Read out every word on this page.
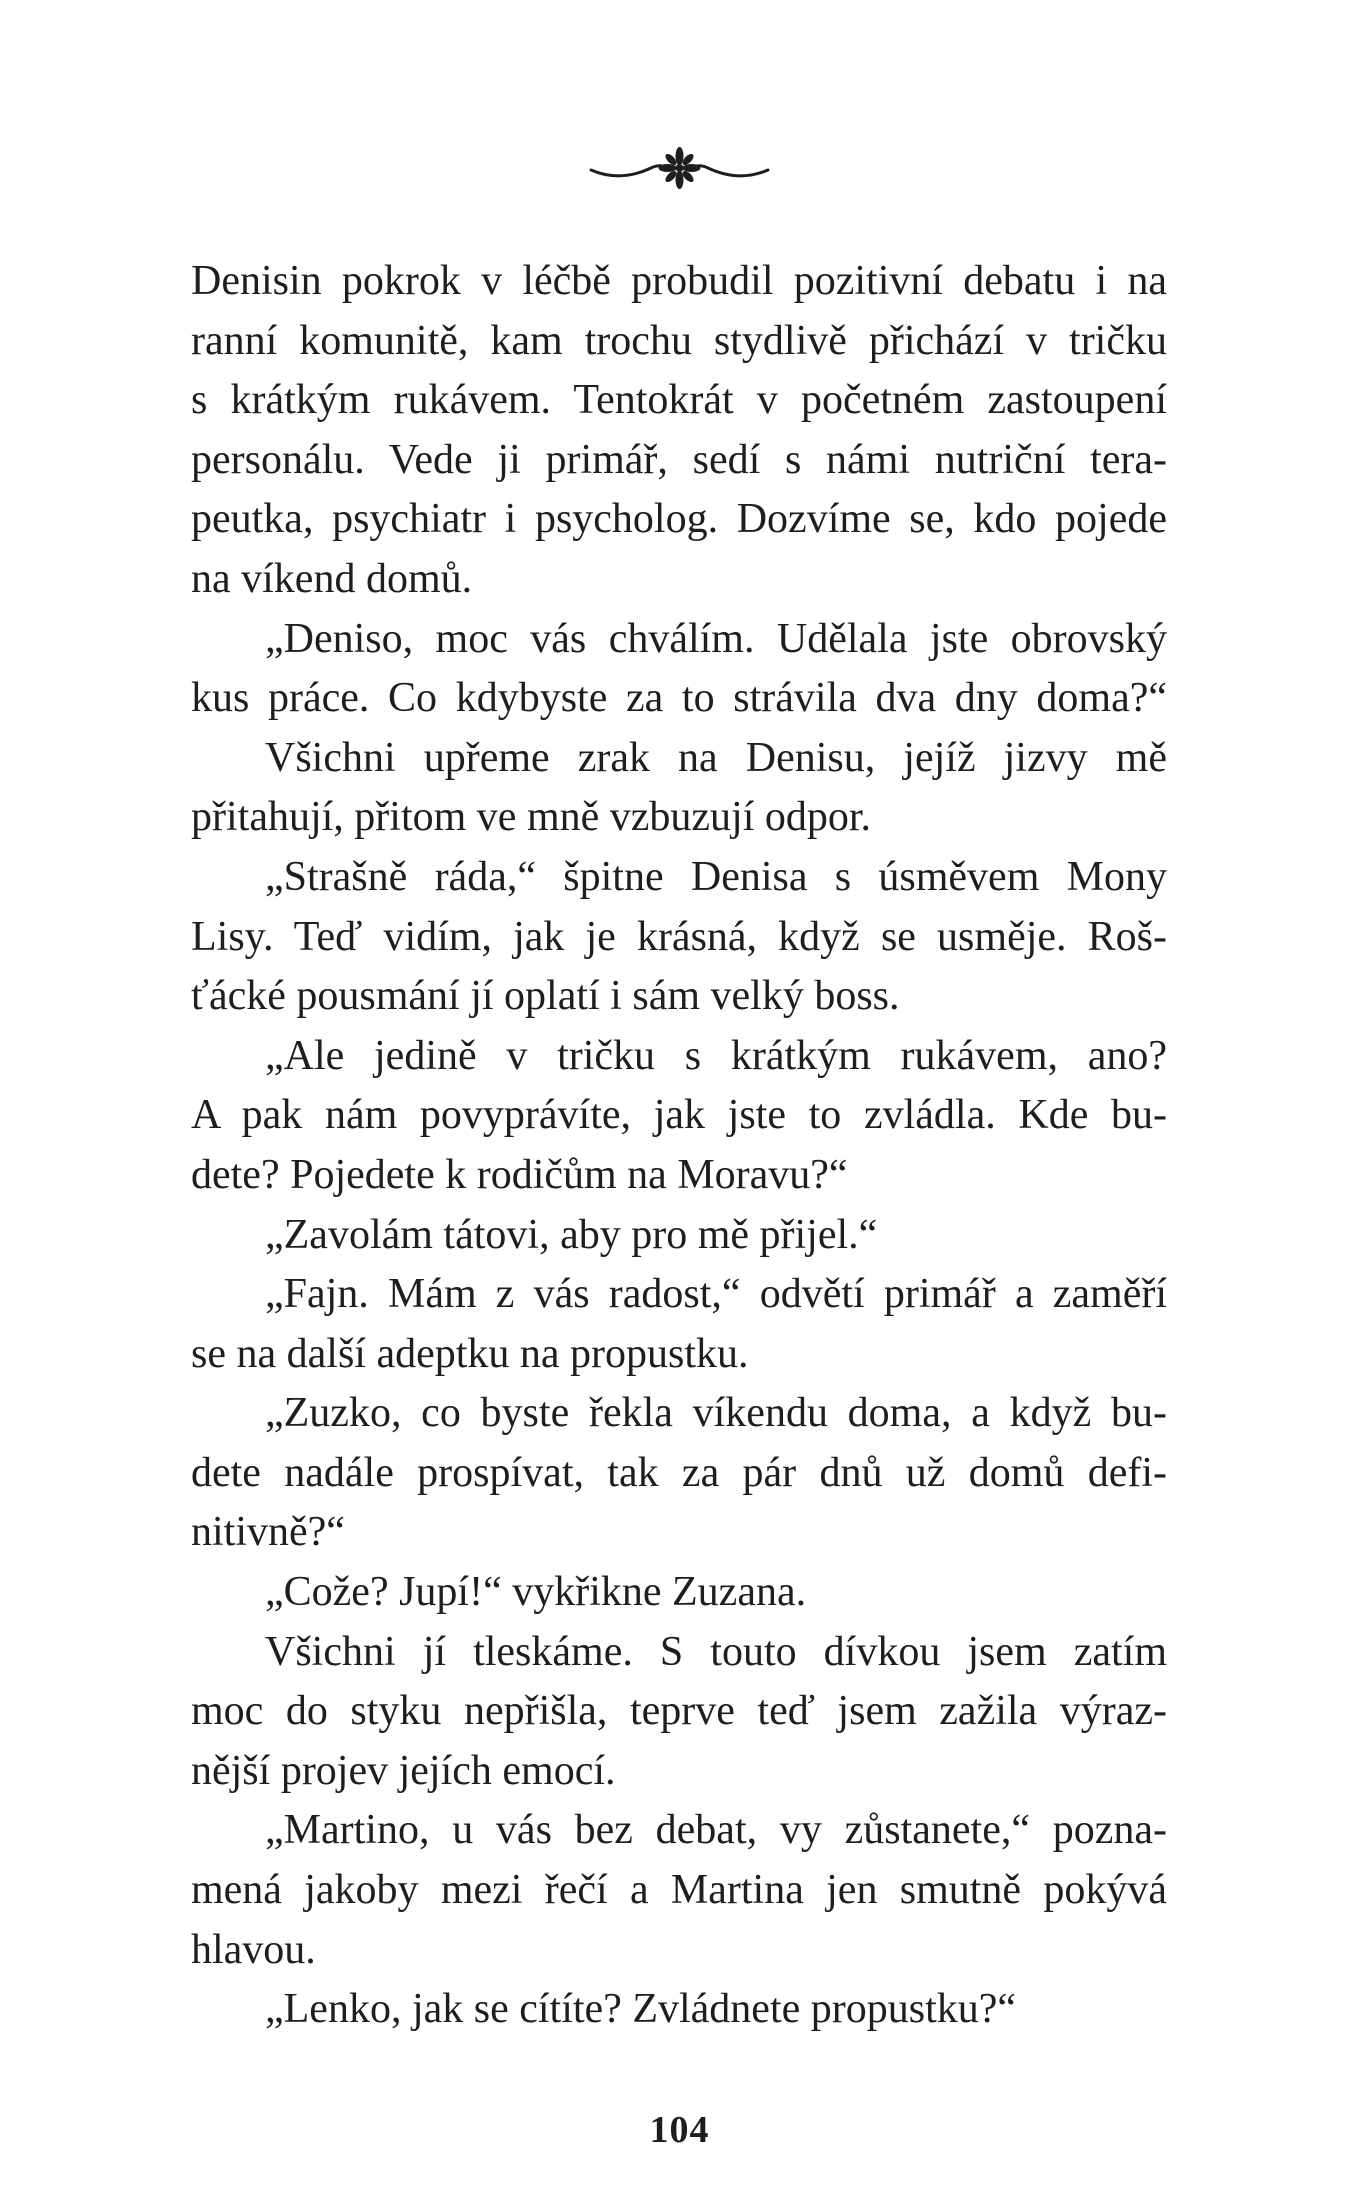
Denisin pokrok v léčbě probudil pozitivní debatu i na
ranní komunitě, kam trochu stydlivě přichází v tričku
s krátkým rukávem. Tentokrát v početném zastoupení
personálu. Vede ji primář, sedí s námi nutriční tera-
peutka, psychiatr i psycholog. Dozvíme se, kdo pojede
na víkend domů.
„Deniso, moc vás chválím. Udělala jste obrovský
kus práce. Co kdybyste za to strávila dva dny doma?“
Všichni upřeme zrak na Denisu, jejíž jizvy mě
přitahují, přitom ve mně vzbuzují odpor.
„Strašně ráda,“ špitne Denisa s úsměvem Mony
Lisy. Teď vidím, jak je krásná, když se usměje. Roš-
ťácké pousmání jí oplatí i sám velký boss.
„Ale jedině v tričku s krátkým rukávem, ano?
A pak nám povyprávíte, jak jste to zvládla. Kde bu-
dete? Pojedete k rodičům na Moravu?“
„Zavolám tátovi, aby pro mě přijel.“
„Fajn. Mám z vás radost,“ odvětí primář a zaměří
se na další adeptku na propustku.
„Zuzko, co byste řekla víkendu doma, a když bu-
dete nadále prospívat, tak za pár dnů už domů defi-
nitivně?“
„Cože? Jupí!“ vykřikne Zuzana.
Všichni jí tleskáme. S touto dívkou jsem zatím
moc do styku nepřišla, teprve teď jsem zažila výraz-
nější projev jejích emocí.
„Martino, u vás bez debat, vy zůstanete,“ pozna-
mená jakoby mezi řečí a Martina jen smutně pokývá
hlavou.
„Lenko, jak se cítíte? Zvládnete propustku?“
104
